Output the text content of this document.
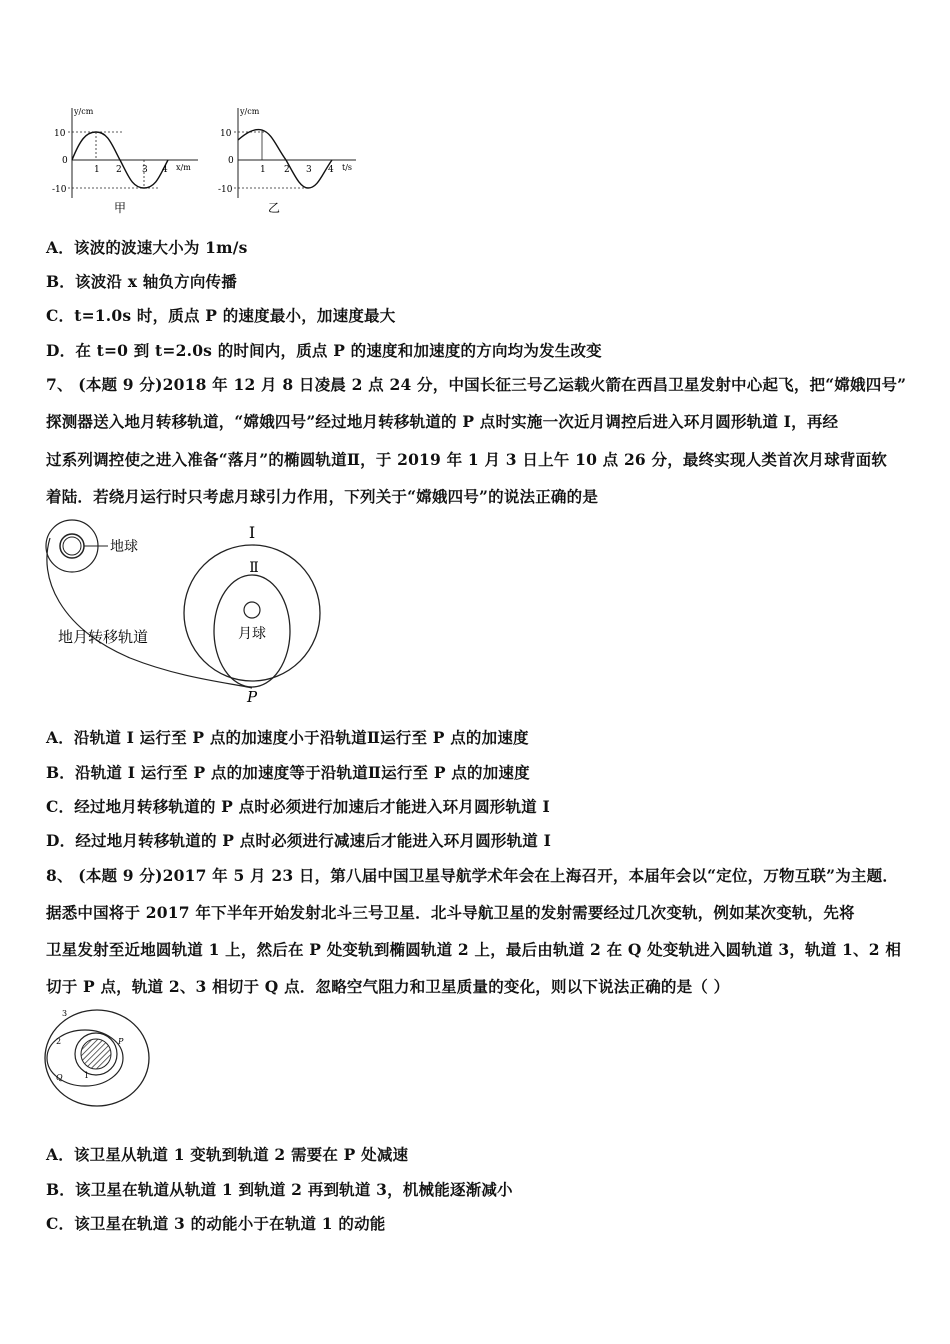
y/cm
x/m
10
0
-10
1 2 3 4
甲
y/cm
t/s
10
0
-10
1 2 3 4
乙
A．该波的波速大小为 1m/s
B．该波沿 x 轴负方向传播
C．t=1.0s 时，质点 P 的速度最小，加速度最大
D．在 t=0 到 t=2.0s 的时间内，质点 P 的速度和加速度的方向均为发生改变
7、 (本题 9 分)2018 年 12 月 8 日凌晨 2 点 24 分，中国长征三号乙运载火箭在西昌卫星发射中心起飞，把“嫦娥四号”
探测器送入地月转移轨道，“嫦娥四号”经过地月转移轨道的 P 点时实施一次近月调控后进入环月圆形轨道 I，再经
过系列调控使之进入准备“落月”的椭圆轨道Ⅱ，于 2019 年 1 月 3 日上午 10 点 26 分，最终实现人类首次月球背面软
着陆．若绕月运行时只考虑月球引力作用，下列关于“嫦娥四号”的说法正确的是
地球
地月转移轨道
I
Ⅱ
月球
P
A．沿轨道 I 运行至 P 点的加速度小于沿轨道Ⅱ运行至 P 点的加速度
B．沿轨道 I 运行至 P 点的加速度等于沿轨道Ⅱ运行至 P 点的加速度
C．经过地月转移轨道的 P 点时必须进行加速后才能进入环月圆形轨道 I
D．经过地月转移轨道的 P 点时必须进行减速后才能进入环月圆形轨道 I
8、 (本题 9 分)2017 年 5 月 23 日，第八届中国卫星导航学术年会在上海召开，本届年会以“定位，万物互联”为主题．
据悉中国将于 2017 年下半年开始发射北斗三号卫星．北斗导航卫星的发射需要经过几次变轨，例如某次变轨，先将
卫星发射至近地圆轨道 1 上，然后在 P 处变轨到椭圆轨道 2 上，最后由轨道 2 在 Q 处变轨进入圆轨道 3，轨道 1、2 相
切于 P 点，轨道 2、3 相切于 Q 点．忽略空气阻力和卫星质量的变化，则以下说法正确的是（ ）
3
2
1
P
Q
A．该卫星从轨道 1 变轨到轨道 2 需要在 P 处减速
B．该卫星在轨道从轨道 1 到轨道 2 再到轨道 3，机械能逐渐减小
C．该卫星在轨道 3 的动能小于在轨道 1 的动能
